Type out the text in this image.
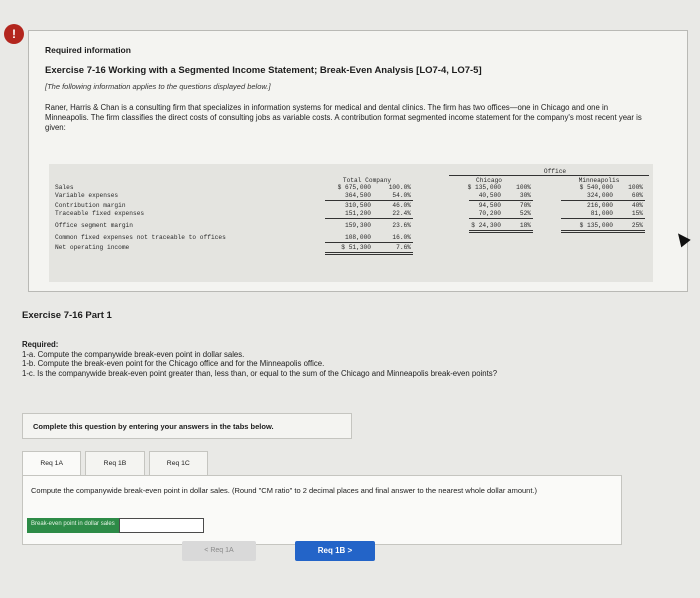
!
Required information
Exercise 7-16 Working with a Segmented Income Statement; Break-Even Analysis [LO7-4, LO7-5]
[The following information applies to the questions displayed below.]
Raner, Harris & Chan is a consulting firm that specializes in information systems for medical and dental clinics. The firm has two offices—one in Chicago and one in Minneapolis. The firm classifies the direct costs of consulting jobs as variable costs. A contribution format segmented income statement for the company's most recent year is given:
Office
Total Company	Chicago	Minneapolis
Sales	$ 675,000	100.0%	$ 135,000	100%	$ 540,000	100%
Variable expenses	364,500	54.0%	40,500	30%	324,000	60%
Contribution margin	310,500	46.0%	94,500	70%	216,000	40%
Traceable fixed expenses	151,200	22.4%	70,200	52%	81,000	15%
Office segment margin	159,300	23.6%	$ 24,300	18%	$ 135,000	25%
Common fixed expenses not traceable to offices	108,000	16.0%
Net operating income	$ 51,300	7.6%
Exercise 7-16 Part 1
Required:
1-a. Compute the companywide break-even point in dollar sales.
1-b. Compute the break-even point for the Chicago office and for the Minneapolis office.
1-c. Is the companywide break-even point greater than, less than, or equal to the sum of the Chicago and Minneapolis break-even points?
Complete this question by entering your answers in the tabs below.
Req 1A	Req 1B	Req 1C
Compute the companywide break-even point in dollar sales. (Round "CM ratio" to 2 decimal places and final answer to the nearest whole dollar amount.)
Break-even point in dollar sales
< Req 1A	Req 1B >
